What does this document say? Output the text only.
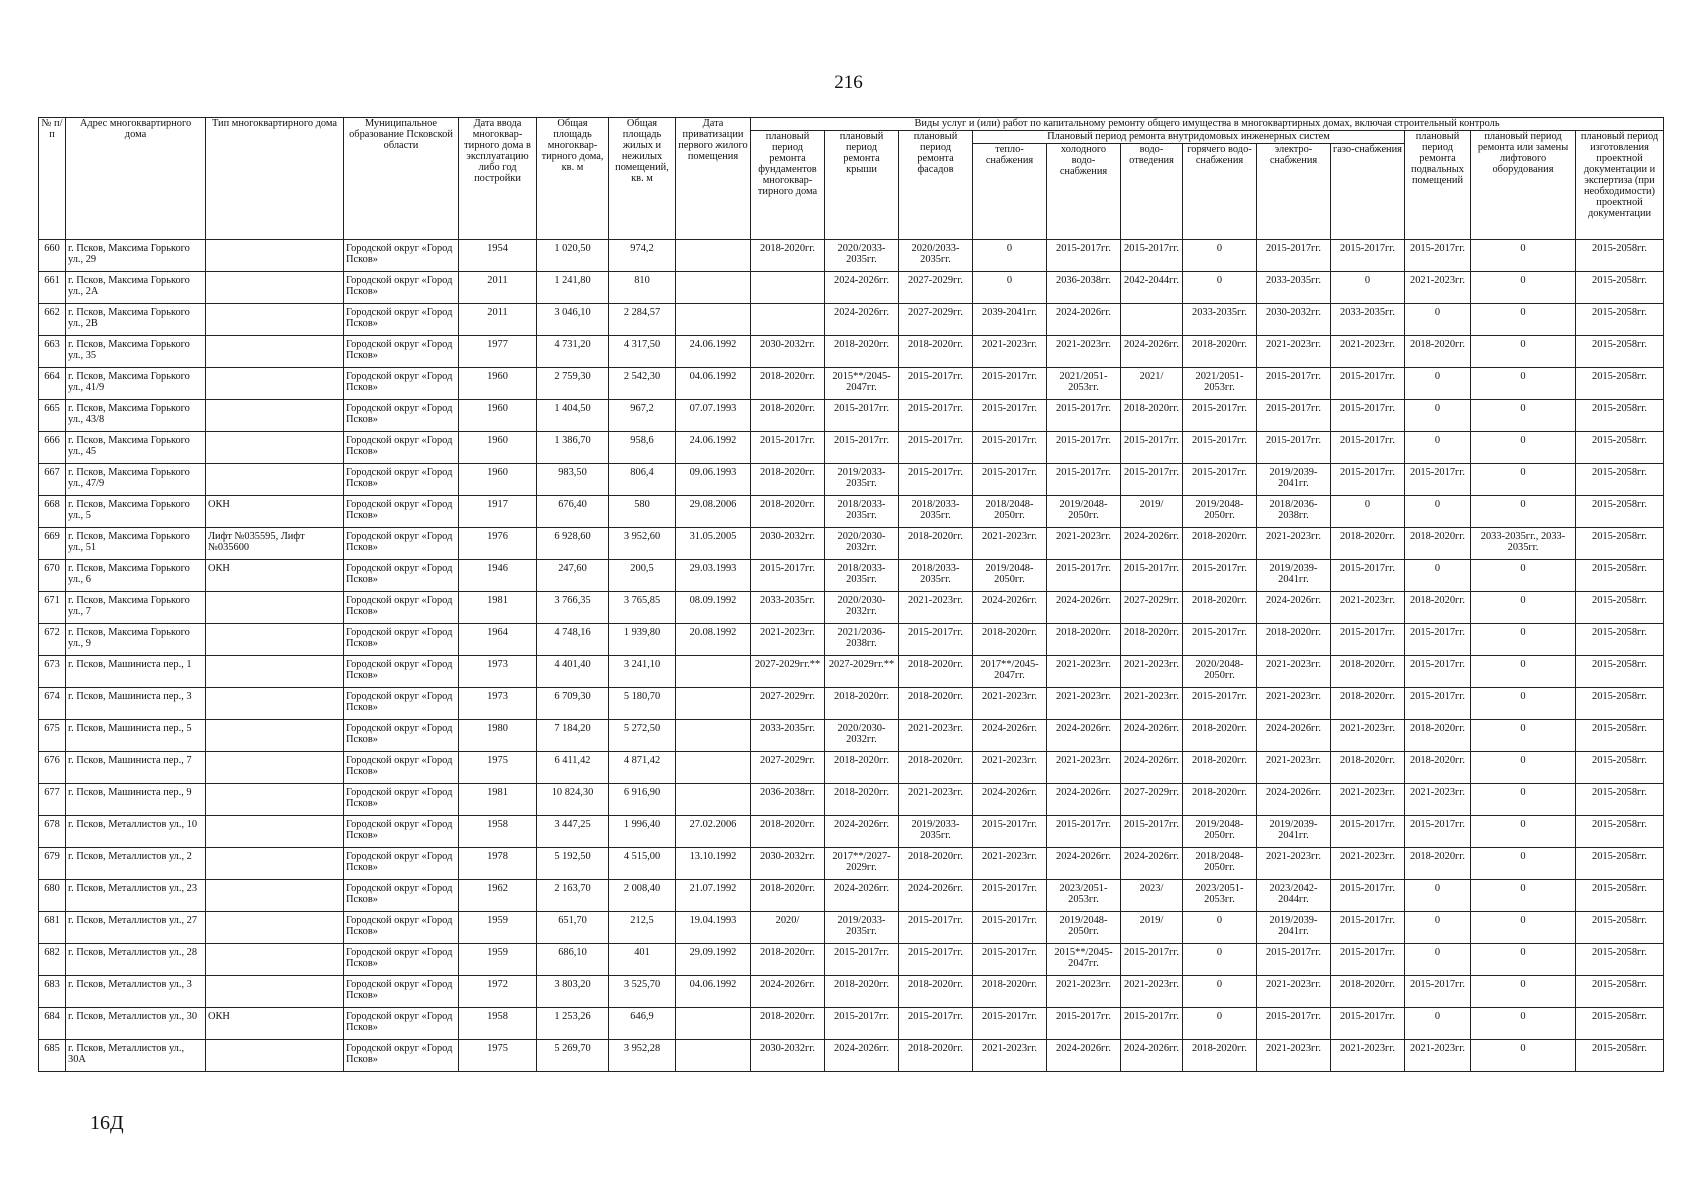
216
№ п/п	Адрес многоквартирного дома	Тип многоквартирного дома	Муниципальное образование Псковской области	Дата ввода многоквар-тирного дома в эксплуатацию либо год постройки	Общая площадь многоквар-тирного дома, кв. м	Общая площадь жилых и нежилых помещений, кв. м	Дата приватизации первого жилого помещения	Виды услуг и (или) работ по капитальному ремонту общего имущества в многоквартирных домах, включая строительный контроль											
								плановый период ремонта фундаментов многоквар-тирного дома	плановый период ремонта крыши	плановый период ремонта фасадов	Плановый период ремонта внутридомовых инженерных систем						плановый период ремонта подвальных помещений	плановый период ремонта или замены лифтового оборудования	плановый период изготовления проектной документации и экспертиза (при необходимости) проектной документации
											тепло-снабжения	холодного водо-снабжения	водо-отведения	горячего водо-снабжения	электро-снабжения	газо-снабжения			
660	г. Псков, Максима Горького ул., 29		Городской округ «Город Псков»	1954	1 020,50	974,2		2018-2020гг.	2020/2033-2035гг.	2020/2033-2035гг.	0	2015-2017гг.	2015-2017гг.	0	2015-2017гг.	2015-2017гг.	2015-2017гг.	0	2015-2058гг.
661	г. Псков, Максима Горького ул., 2А		Городской округ «Город Псков»	2011	1 241,80	810			2024-2026гг.	2027-2029гг.	0	2036-2038гг.	2042-2044гг.	0	2033-2035гг.	0	2021-2023гг.	0	2015-2058гг.
662	г. Псков, Максима Горького ул., 2В		Городской округ «Город Псков»	2011	3 046,10	2 284,57			2024-2026гг.	2027-2029гг.	2039-2041гг.	2024-2026гг.		2033-2035гг.	2030-2032гг.	2033-2035гг.	0	0	2015-2058гг.
663	г. Псков, Максима Горького ул., 35		Городской округ «Город Псков»	1977	4 731,20	4 317,50	24.06.1992	2030-2032гг.	2018-2020гг.	2018-2020гг.	2021-2023гг.	2021-2023гг.	2024-2026гг.	2018-2020гг.	2021-2023гг.	2021-2023гг.	2018-2020гг.	0	2015-2058гг.
664	г. Псков, Максима Горького ул., 41/9		Городской округ «Город Псков»	1960	2 759,30	2 542,30	04.06.1992	2018-2020гг.	2015**/2045-2047гг.	2015-2017гг.	2015-2017гг.	2021/2051-2053гг.	2021/	2021/2051-2053гг.	2015-2017гг.	2015-2017гг.	0	0	2015-2058гг.
665	г. Псков, Максима Горького ул., 43/8		Городской округ «Город Псков»	1960	1 404,50	967,2	07.07.1993	2018-2020гг.	2015-2017гг.	2015-2017гг.	2015-2017гг.	2015-2017гг.	2018-2020гг.	2015-2017гг.	2015-2017гг.	2015-2017гг.	0	0	2015-2058гг.
666	г. Псков, Максима Горького ул., 45		Городской округ «Город Псков»	1960	1 386,70	958,6	24.06.1992	2015-2017гг.	2015-2017гг.	2015-2017гг.	2015-2017гг.	2015-2017гг.	2015-2017гг.	2015-2017гг.	2015-2017гг.	2015-2017гг.	0	0	2015-2058гг.
667	г. Псков, Максима Горького ул., 47/9		Городской округ «Город Псков»	1960	983,50	806,4	09.06.1993	2018-2020гг.	2019/2033-2035гг.	2015-2017гг.	2015-2017гг.	2015-2017гг.	2015-2017гг.	2015-2017гг.	2019/2039-2041гг.	2015-2017гг.	2015-2017гг.	0	2015-2058гг.
668	г. Псков, Максима Горького ул., 5	ОКН	Городской округ «Город Псков»	1917	676,40	580	29.08.2006	2018-2020гг.	2018/2033-2035гг.	2018/2033-2035гг.	2018/2048-2050гг.	2019/2048-2050гг.	2019/	2019/2048-2050гг.	2018/2036-2038гг.	0	0	0	2015-2058гг.
669	г. Псков, Максима Горького ул., 51	Лифт №035595, Лифт №035600	Городской округ «Город Псков»	1976	6 928,60	3 952,60	31.05.2005	2030-2032гг.	2020/2030-2032гг.	2018-2020гг.	2021-2023гг.	2021-2023гг.	2024-2026гг.	2018-2020гг.	2021-2023гг.	2018-2020гг.	2018-2020гг.	2033-2035гг., 2033-2035гг.	2015-2058гг.
670	г. Псков, Максима Горького ул., 6	ОКН	Городской округ «Город Псков»	1946	247,60	200,5	29.03.1993	2015-2017гг.	2018/2033-2035гг.	2018/2033-2035гг.	2019/2048-2050гг.	2015-2017гг.	2015-2017гг.	2015-2017гг.	2019/2039-2041гг.	2015-2017гг.	0	0	2015-2058гг.
671	г. Псков, Максима Горького ул., 7		Городской округ «Город Псков»	1981	3 766,35	3 765,85	08.09.1992	2033-2035гг.	2020/2030-2032гг.	2021-2023гг.	2024-2026гг.	2024-2026гг.	2027-2029гг.	2018-2020гг.	2024-2026гг.	2021-2023гг.	2018-2020гг.	0	2015-2058гг.
672	г. Псков, Максима Горького ул., 9		Городской округ «Город Псков»	1964	4 748,16	1 939,80	20.08.1992	2021-2023гг.	2021/2036-2038гг.	2015-2017гг.	2018-2020гг.	2018-2020гг.	2018-2020гг.	2015-2017гг.	2018-2020гг.	2015-2017гг.	2015-2017гг.	0	2015-2058гг.
673	г. Псков, Машиниста пер., 1		Городской округ «Город Псков»	1973	4 401,40	3 241,10		2027-2029гг.**	2027-2029гг.**	2018-2020гг.	2017**/2045-2047гг.	2021-2023гг.	2021-2023гг.	2020/2048-2050гг.	2021-2023гг.	2018-2020гг.	2015-2017гг.	0	2015-2058гг.
674	г. Псков, Машиниста пер., 3		Городской округ «Город Псков»	1973	6 709,30	5 180,70		2027-2029гг.	2018-2020гг.	2018-2020гг.	2021-2023гг.	2021-2023гг.	2021-2023гг.	2015-2017гг.	2021-2023гг.	2018-2020гг.	2015-2017гг.	0	2015-2058гг.
675	г. Псков, Машиниста пер., 5		Городской округ «Город Псков»	1980	7 184,20	5 272,50		2033-2035гг.	2020/2030-2032гг.	2021-2023гг.	2024-2026гг.	2024-2026гг.	2024-2026гг.	2018-2020гг.	2024-2026гг.	2021-2023гг.	2018-2020гг.	0	2015-2058гг.
676	г. Псков, Машиниста пер., 7		Городской округ «Город Псков»	1975	6 411,42	4 871,42		2027-2029гг.	2018-2020гг.	2018-2020гг.	2021-2023гг.	2021-2023гг.	2024-2026гг.	2018-2020гг.	2021-2023гг.	2018-2020гг.	2018-2020гг.	0	2015-2058гг.
677	г. Псков, Машиниста пер., 9		Городской округ «Город Псков»	1981	10 824,30	6 916,90		2036-2038гг.	2018-2020гг.	2021-2023гг.	2024-2026гг.	2024-2026гг.	2027-2029гг.	2018-2020гг.	2024-2026гг.	2021-2023гг.	2021-2023гг.	0	2015-2058гг.
678	г. Псков, Металлистов ул., 10		Городской округ «Город Псков»	1958	3 447,25	1 996,40	27.02.2006	2018-2020гг.	2024-2026гг.	2019/2033-2035гг.	2015-2017гг.	2015-2017гг.	2015-2017гг.	2019/2048-2050гг.	2019/2039-2041гг.	2015-2017гг.	2015-2017гг.	0	2015-2058гг.
679	г. Псков, Металлистов ул., 2		Городской округ «Город Псков»	1978	5 192,50	4 515,00	13.10.1992	2030-2032гг.	2017**/2027-2029гг.	2018-2020гг.	2021-2023гг.	2024-2026гг.	2024-2026гг.	2018/2048-2050гг.	2021-2023гг.	2021-2023гг.	2018-2020гг.	0	2015-2058гг.
680	г. Псков, Металлистов ул., 23		Городской округ «Город Псков»	1962	2 163,70	2 008,40	21.07.1992	2018-2020гг.	2024-2026гг.	2024-2026гг.	2015-2017гг.	2023/2051-2053гг.	2023/	2023/2051-2053гг.	2023/2042-2044гг.	2015-2017гг.	0	0	2015-2058гг.
681	г. Псков, Металлистов ул., 27		Городской округ «Город Псков»	1959	651,70	212,5	19.04.1993	2020/	2019/2033-2035гг.	2015-2017гг.	2015-2017гг.	2019/2048-2050гг.	2019/	0	2019/2039-2041гг.	2015-2017гг.	0	0	2015-2058гг.
682	г. Псков, Металлистов ул., 28		Городской округ «Город Псков»	1959	686,10	401	29.09.1992	2018-2020гг.	2015-2017гг.	2015-2017гг.	2015-2017гг.	2015**/2045-2047гг.	2015-2017гг.	0	2015-2017гг.	2015-2017гг.	0	0	2015-2058гг.
683	г. Псков, Металлистов ул., 3		Городской округ «Город Псков»	1972	3 803,20	3 525,70	04.06.1992	2024-2026гг.	2018-2020гг.	2018-2020гг.	2018-2020гг.	2021-2023гг.	2021-2023гг.	0	2021-2023гг.	2018-2020гг.	2015-2017гг.	0	2015-2058гг.
684	г. Псков, Металлистов ул., 30	ОКН	Городской округ «Город Псков»	1958	1 253,26	646,9		2018-2020гг.	2015-2017гг.	2015-2017гг.	2015-2017гг.	2015-2017гг.	2015-2017гг.	0	2015-2017гг.	2015-2017гг.	0	0	2015-2058гг.
685	г. Псков, Металлистов ул., 30А		Городской округ «Город Псков»	1975	5 269,70	3 952,28		2030-2032гг.	2024-2026гг.	2018-2020гг.	2021-2023гг.	2024-2026гг.	2024-2026гг.	2018-2020гг.	2021-2023гг.	2021-2023гг.	2021-2023гг.	0	2015-2058гг.
16Д
